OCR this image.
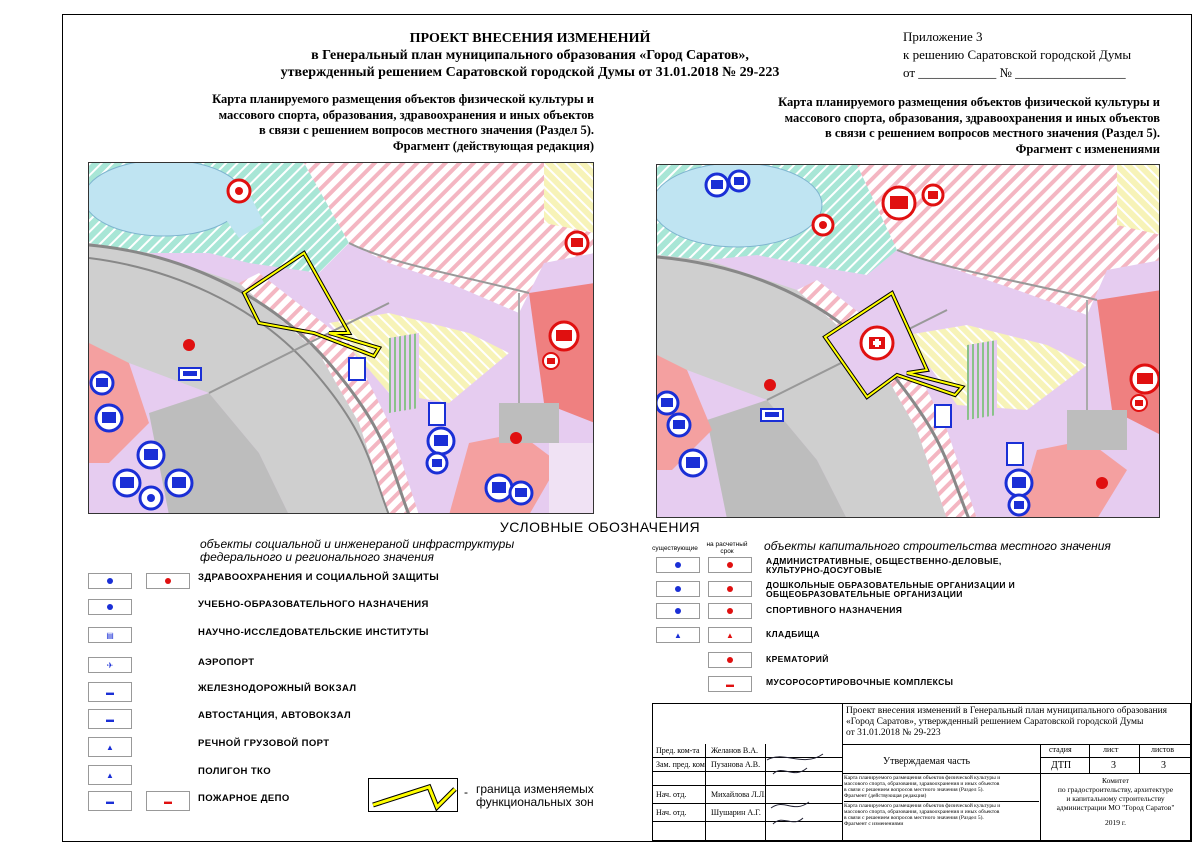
ПРОЕКТ ВНЕСЕНИЯ ИЗМЕНЕНИЙ
в Генеральный план муниципального образования «Город Саратов»,
утвержденный решением Саратовской городской Думы от 31.01.2018 № 29-223
Приложение 3
к решению Саратовской городской Думы
от ____________ № _________________
Карта планируемого размещения объектов физической культуры и
массового спорта, образования, здравоохранения и иных объектов
в связи с решением вопросов местного значения (Раздел 5).
Фрагмент (действующая редакция)
Карта планируемого размещения объектов физической культуры и
массового спорта, образования, здравоохранения и иных объектов
в связи с решением вопросов местного значения (Раздел 5).
Фрагмент с изменениями
УСЛОВНЫЕ ОБОЗНАЧЕНИЯ
объекты социальной и инженераной инфраструктуры
федерального и регионального значения
ЗДРАВООХРАНЕНИЯ И СОЦИАЛЬНОЙ ЗАЩИТЫ
УЧЕБНО-ОБРАЗОВАТЕЛЬНОГО НАЗНАЧЕНИЯ
▤	НАУЧНО-ИССЛЕДОВАТЕЛЬСКИЕ ИНСТИТУТЫ
✈	АЭРОПОРТ
▬	ЖЕЛЕЗНОДОРОЖНЫЙ ВОКЗАЛ
▬	АВТОСТАНЦИЯ, АВТОВОКЗАЛ
▲	РЕЧНОЙ ГРУЗОВОЙ ПОРТ
▲	ПОЛИГОН ТКО
▬	▬	ПОЖАРНОЕ ДЕПО	- граница изменяемых
функциональных зон
существующие
на расчетный
срок	объекты капитального строительства местного значения
АДМИНИСТРАТИВНЫЕ, ОБЩЕСТВЕННО-ДЕЛОВЫЕ,
КУЛЬТУРНО-ДОСУГОВЫЕ
ДОШКОЛЬНЫЕ ОБРАЗОВАТЕЛЬНЫЕ ОРГАНИЗАЦИИ И
ОБЩЕОБРАЗОВАТЕЛЬНЫЕ ОРГАНИЗАЦИИ
СПОРТИВНОГО НАЗНАЧЕНИЯ
▲	▲	КЛАДБИЩА
КРЕМАТОРИЙ
▬	МУСОРОСОРТИРОВОЧНЫЕ КОМПЛЕКСЫ
Проект внесения изменений в Генеральный план муниципального образования
«Город Саратов», утвержденный решением Саратовской городской Думы
от 31.01.2018 № 29-223
Пред. ком-та Желанов В.А.
Зам. пред. ком Пузанова А.В.
Нач. отд.	Михайлова Л.Л.
Нач. отд.	Шушарин А.Г.
Утверждаемая часть
стадия	лист	листов
ДТП	3	3
Карта планируемого размещения объектов физической культуры и
массового спорта, образования, здравоохранения и иных объектов
в связи с решением вопросов местного значения (Раздел 5).
Фрагмент (действующая редакция)
Карта планируемого размещения объектов физической культуры и
массового спорта, образования, здравоохранения и иных объектов
в связи с решением вопросов местного значения (Раздел 5).
Фрагмент с изменениями
Комитет
по градостроительству, архитектуре
и капитальному строительству
администрации МО "Город Саратов"
2019 г.
